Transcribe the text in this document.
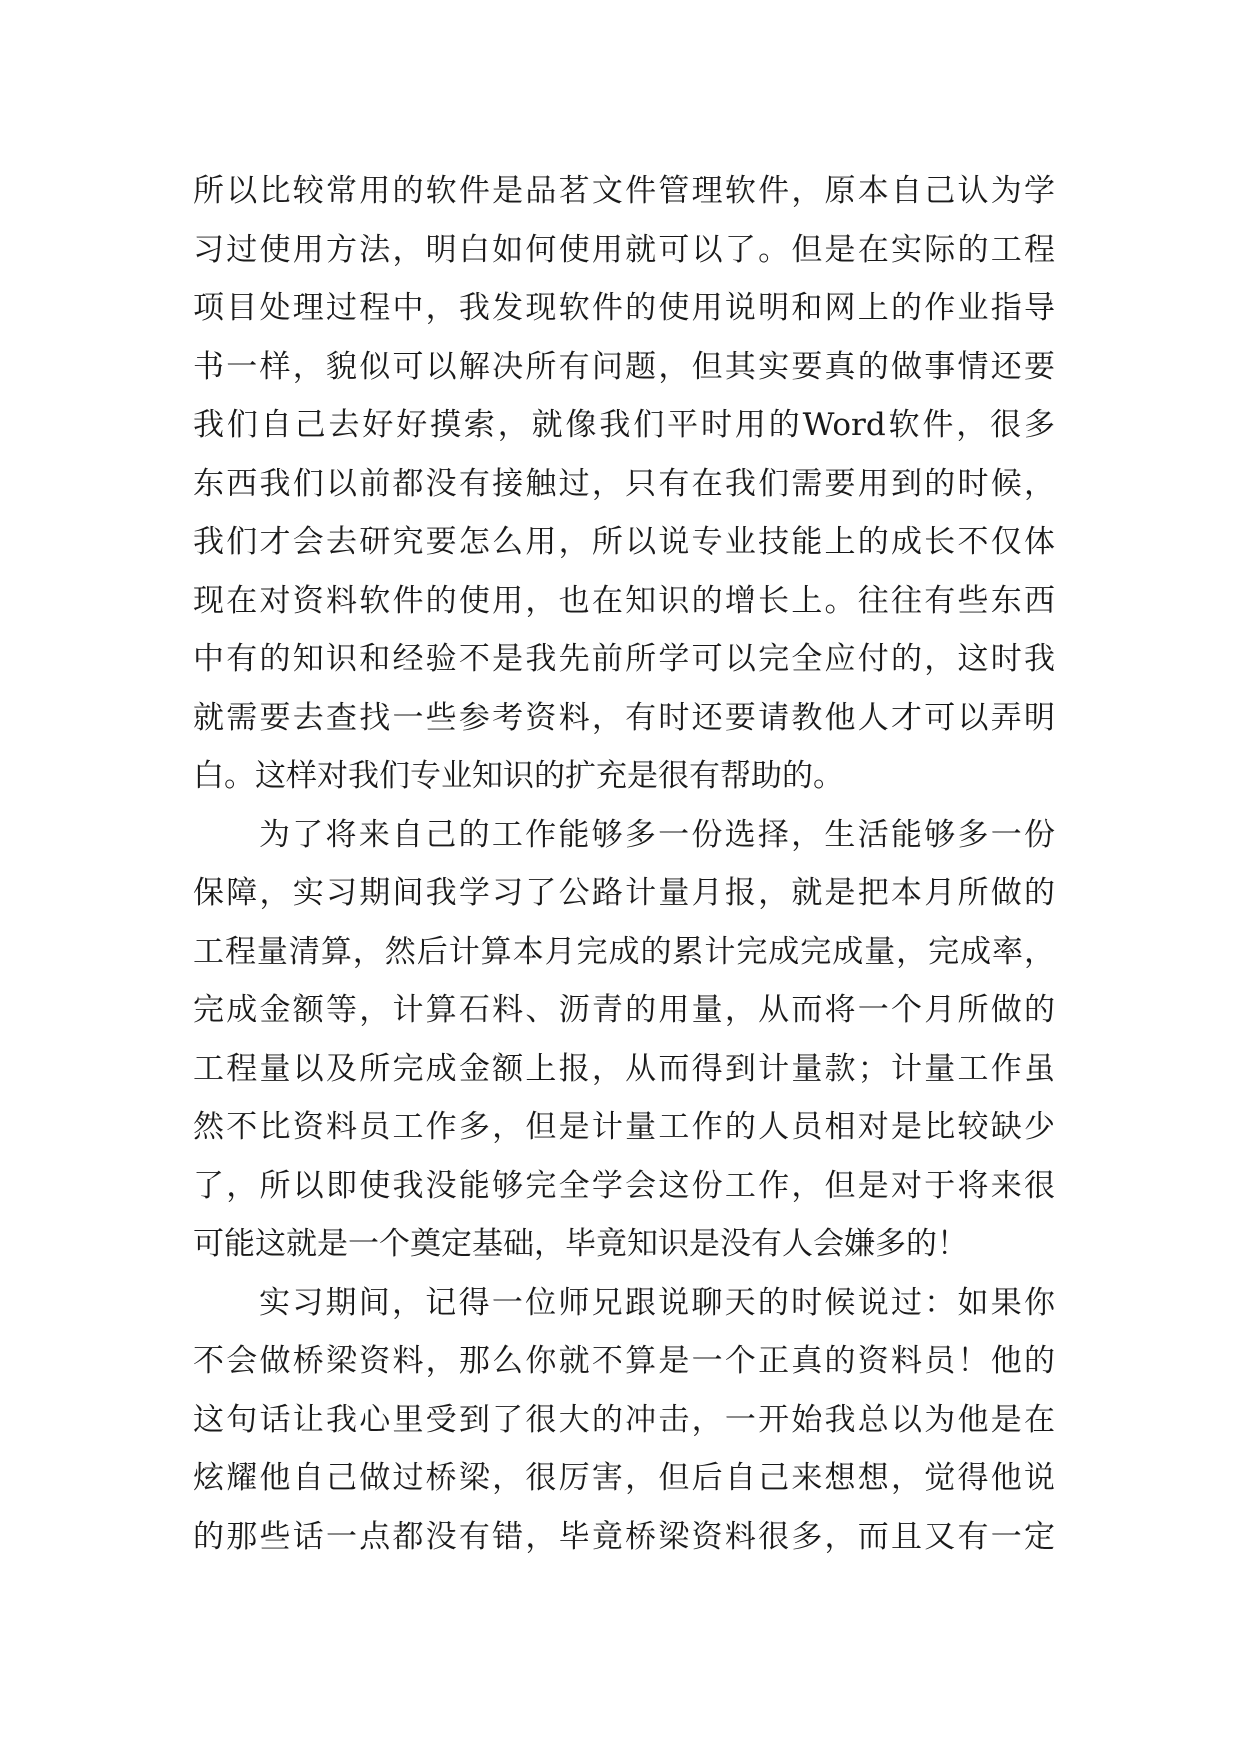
所以比较常用的软件是品茗文件管理软件，原本自己认为学
习过使用方法，明白如何使用就可以了。但是在实际的工程
项目处理过程中，我发现软件的使用说明和网上的作业指导
书一样，貌似可以解决所有问题，但其实要真的做事情还要
我们自己去好好摸索，就像我们平时用的Word软件，很多
东西我们以前都没有接触过，只有在我们需要用到的时候，
我们才会去研究要怎么用，所以说专业技能上的成长不仅体
现在对资料软件的使用，也在知识的增长上。往往有些东西
中有的知识和经验不是我先前所学可以完全应付的，这时我
就需要去查找一些参考资料，有时还要请教他人才可以弄明
白。这样对我们专业知识的扩充是很有帮助的。
为了将来自己的工作能够多一份选择，生活能够多一份
保障，实习期间我学习了公路计量月报，就是把本月所做的
工程量清算，然后计算本月完成的累计完成完成量，完成率，
完成金额等，计算石料、沥青的用量，从而将一个月所做的
工程量以及所完成金额上报，从而得到计量款；计量工作虽
然不比资料员工作多，但是计量工作的人员相对是比较缺少
了，所以即使我没能够完全学会这份工作，但是对于将来很
可能这就是一个奠定基础，毕竟知识是没有人会嫌多的！
实习期间，记得一位师兄跟说聊天的时候说过：如果你
不会做桥梁资料，那么你就不算是一个正真的资料员！他的
这句话让我心里受到了很大的冲击，一开始我总以为他是在
炫耀他自己做过桥梁，很厉害，但后自己来想想，觉得他说
的那些话一点都没有错，毕竟桥梁资料很多，而且又有一定
